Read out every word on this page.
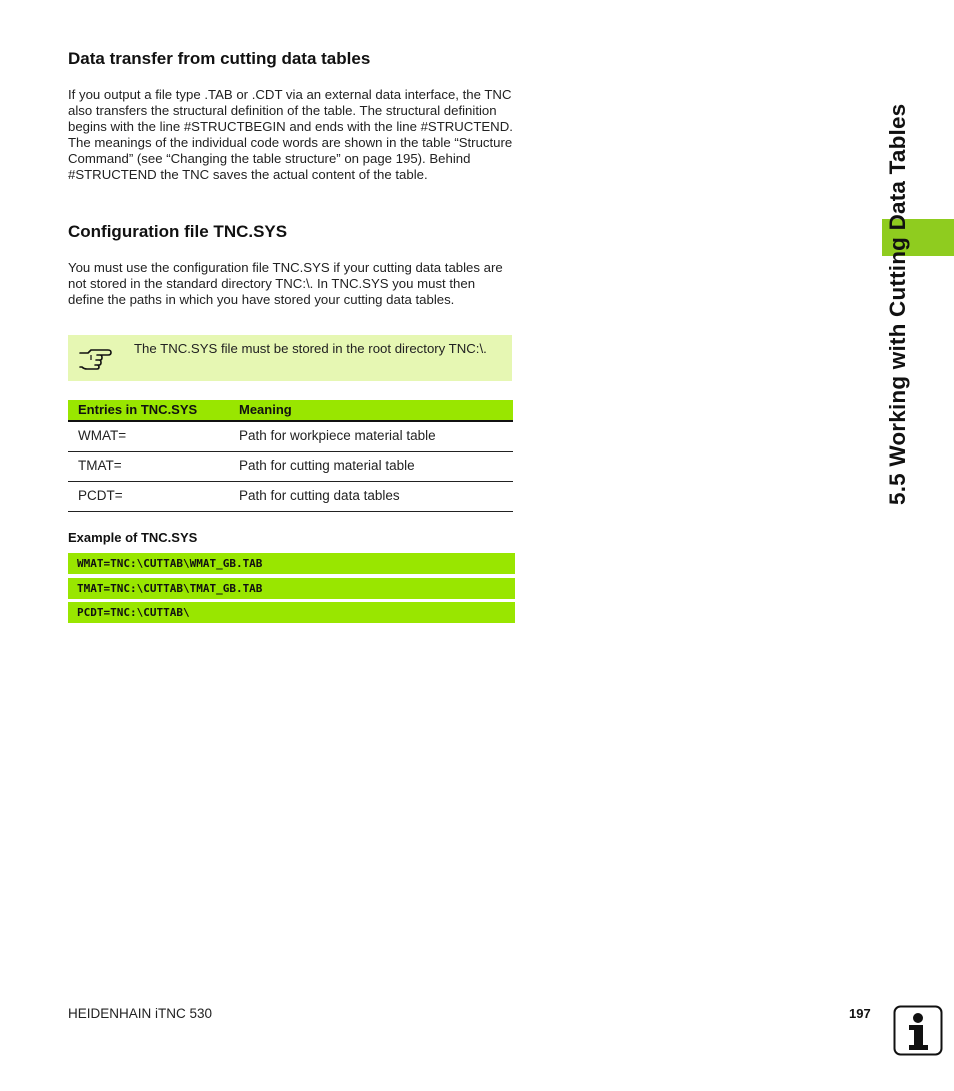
Data transfer from cutting data tables

If you output a file type .TAB or .CDT via an external data interface, the TNC also transfers the structural definition of the table. The structural definition begins with the line #STRUCTBEGIN and ends with the line #STRUCTEND. The meanings of the individual code words are shown in the table “Structure Command” (see “Changing the table structure” on page 195). Behind #STRUCTEND the TNC saves the actual content of the table.

Configuration file TNC.SYS

You must use the configuration file TNC.SYS if your cutting data tables are not stored in the standard directory TNC:\. In TNC.SYS you must then define the paths in which you have stored your cutting data tables.

The TNC.SYS file must be stored in the root directory TNC:\.
Entries in TNC.SYS	Meaning
WMAT=	Path for workpiece material table
TMAT=	Path for cutting material table
PCDT=	Path for cutting data tables
Example of TNC.SYS
WMAT=TNC:\CUTTAB\WMAT_GB.TAB
TMAT=TNC:\CUTTAB\TMAT_GB.TAB
PCDT=TNC:\CUTTAB\
5.5 Working with Cutting Data Tables
HEIDENHAIN iTNC 530	197
